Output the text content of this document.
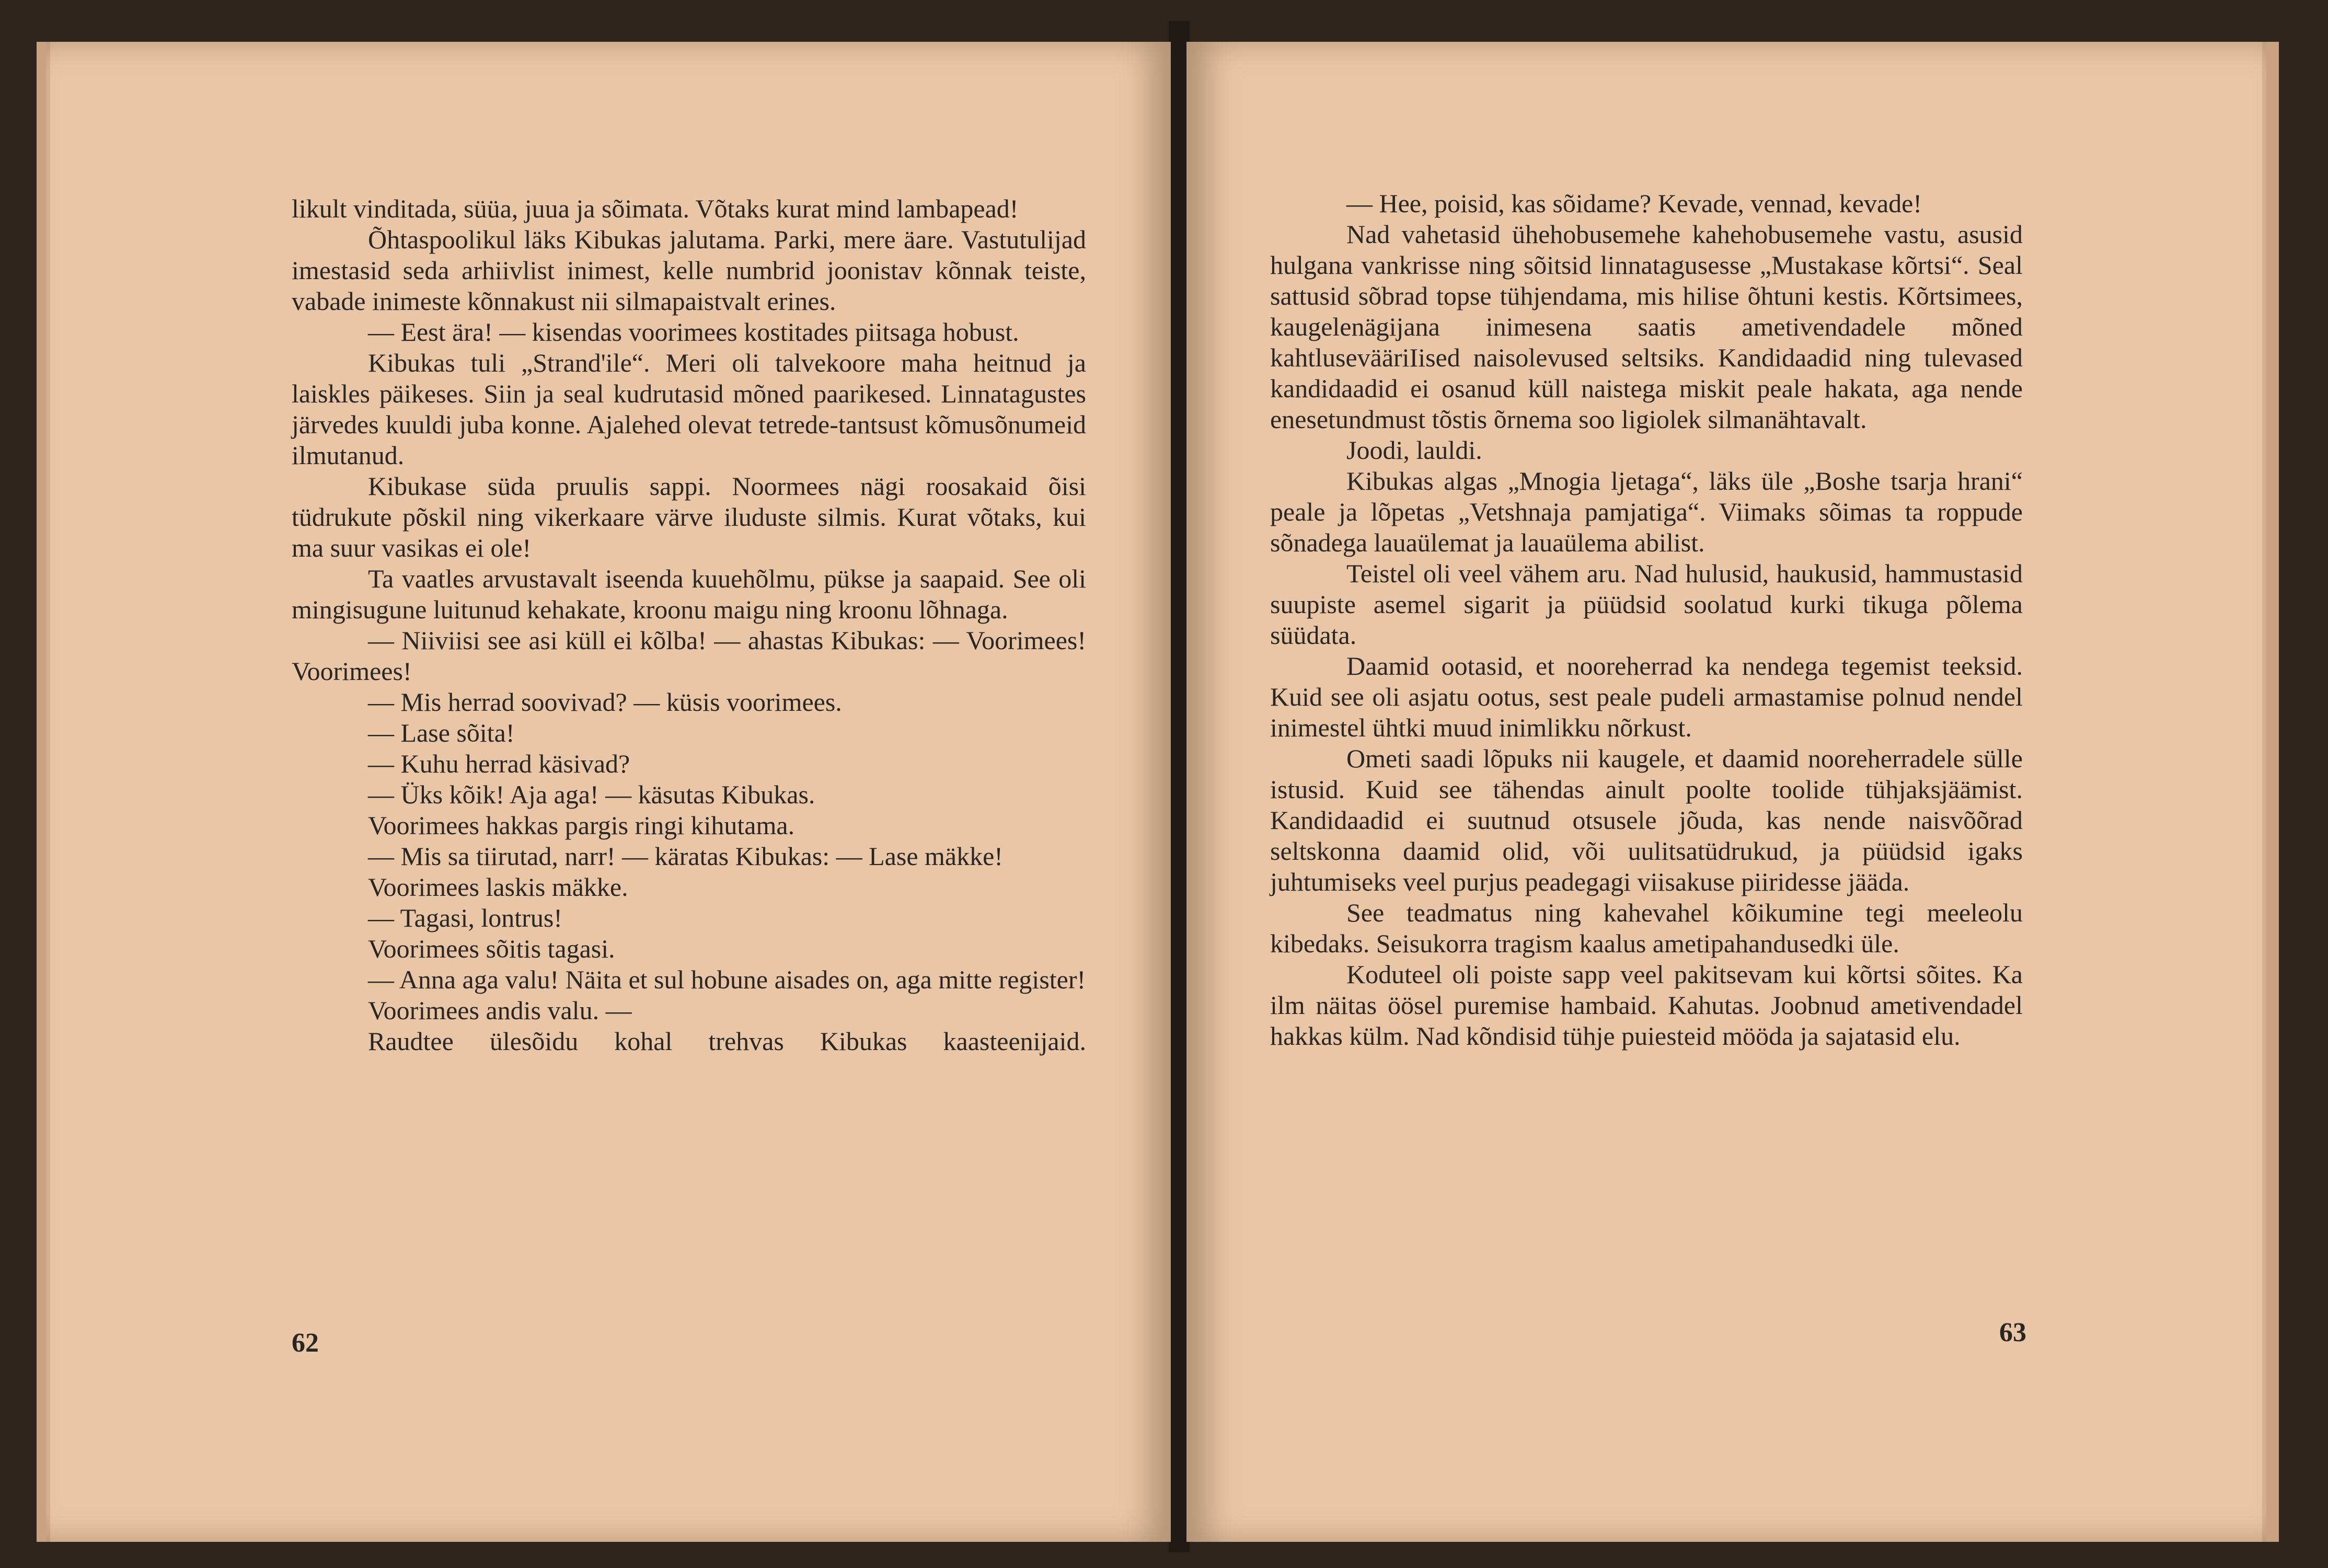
likult vinditada, süüa, juua ja sõimata. Võtaks kurat mind lambapead!

Õhtaspoolikul läks Kibukas jalutama. Parki, mere äare. Vastutulijad imestasid seda arhiivlist inimest, kelle numbrid joonistav kõnnak teiste, vabade inimeste kõnnakust nii silmapaistvalt erines.

— Eest ära! — kisendas voorimees kostitades piitsaga hobust.

Kibukas tuli „Strand'ile“. Meri oli talvekoore maha heitnud ja laiskles päikeses. Siin ja seal kudrutasid mõned paarikesed. Linnatagustes järvedes kuuldi juba konne. Ajalehed olevat tetrede-tantsust kõmusõnumeid ilmutanud.

Kibukase süda pruulis sappi. Noormees nägi roosakaid õisi tüdrukute põskil ning vikerkaare värve iluduste silmis. Kurat võtaks, kui ma suur vasikas ei ole!

Ta vaatles arvustavalt iseenda kuuehõlmu, pükse ja saapaid. See oli mingisugune luitunud kehakate, kroonu maigu ning kroonu lõhnaga.

— Niiviisi see asi küll ei kõlba! — ahastas Kibukas: — Voorimees! Voorimees!

— Mis herrad soovivad? — küsis voorimees.

— Lase sõita!

— Kuhu herrad käsivad?

— Üks kõik! Aja aga! — käsutas Kibukas.

Voorimees hakkas pargis ringi kihutama.

— Mis sa tiirutad, narr! — käratas Kibukas: — Lase mäkke!

Voorimees laskis mäkke.

— Tagasi, lontrus!

Voorimees sõitis tagasi.

— Anna aga valu! Näita et sul hobune aisades on, aga mitte register!

Voorimees andis valu. —

Raudtee ülesõidu kohal trehvas Kibukas kaasteenijaid.

62

— Hee, poisid, kas sõidame? Kevade, vennad, kevade!

Nad vahetasid ühehobusemehe kahehobusemehe vastu, asusid hulgana vankrisse ning sõitsid linnatagusesse „Mustakase kõrtsi“. Seal sattusid sõbrad topse tühjendama, mis hilise õhtuni kestis. Kõrtsimees, kaugelenägijana inimesena saatis ametivendadele mõned kahtlusevääriIised naisolevused seltsiks. Kandidaadid ning tulevased kandidaadid ei osanud küll naistega miskit peale hakata, aga nende enesetundmust tõstis õrnema soo ligiolek silmanähtavalt.

Joodi, lauldi.

Kibukas algas „Mnogia ljetaga“, läks üle „Boshe tsarja hrani“ peale ja lõpetas „Vetshnaja pamjatiga“. Viimaks sõimas ta roppude sõnadega lauaülemat ja lauaülema abilist.

Teistel oli veel vähem aru. Nad hulusid, haukusid, hammustasid suupiste asemel sigarit ja püüdsid soolatud kurki tikuga põlema süüdata.

Daamid ootasid, et nooreherrad ka nendega tegemist teeksid. Kuid see oli asjatu ootus, sest peale pudeli armastamise polnud nendel inimestel ühtki muud inimlikku nõrkust.

Ometi saadi lõpuks nii kaugele, et daamid nooreherradele sülle istusid. Kuid see tähendas ainult poolte toolide tühjaksjäämist. Kandidaadid ei suutnud otsusele jõuda, kas nende naisvõõrad seltskonna daamid olid, või uulitsatüdrukud, ja püüdsid igaks juhtumiseks veel purjus peadegagi viisakuse piiridesse jääda.

See teadmatus ning kahevahel kõikumine tegi meeleolu kibedaks. Seisukorra tragism kaalus ametipahandusedki üle.

Koduteel oli poiste sapp veel pakitsevam kui kõrtsi sõites. Ka ilm näitas öösel puremise hambaid. Kahutas. Joobnud ametivendadel hakkas külm. Nad kõndisid tühje puiesteid mööda ja sajatasid elu.

63
